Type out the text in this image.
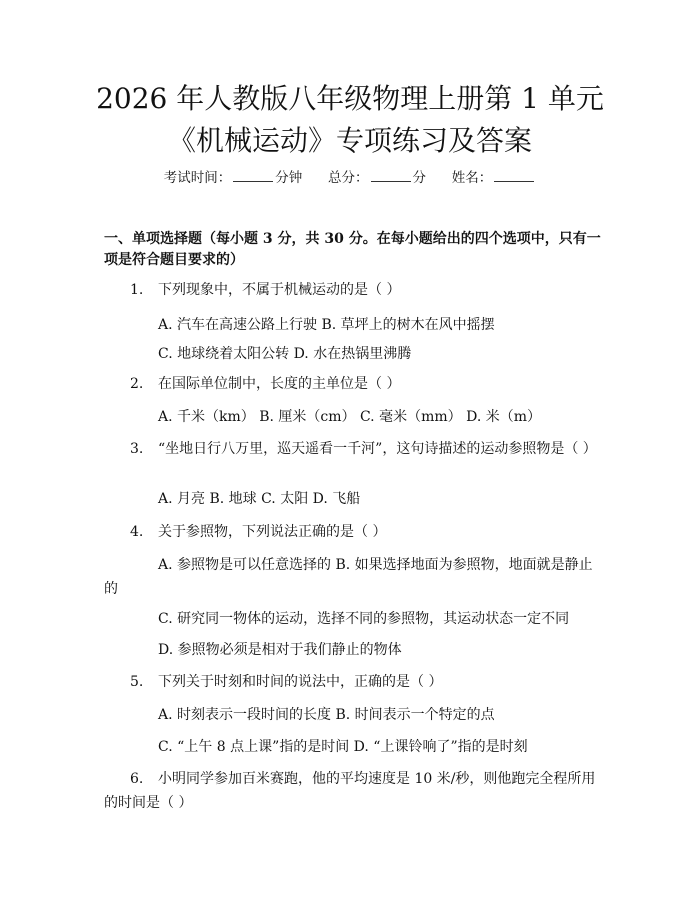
2026 年人教版八年级物理上册第 1 单元《机械运动》专项练习及答案
考试时间：	分钟 总分：	分 姓名：
一、单项选择题（每小题 3 分，共 30 分。在每小题给出的四个选项中，只有一项是符合题目要求的）

1. 下列现象中，不属于机械运动的是（ ）

A. 汽车在高速公路上行驶 B. 草坪上的树木在风中摇摆

C. 地球绕着太阳公转 D. 水在热锅里沸腾

2. 在国际单位制中，长度的主单位是（ ）

A. 千米（km） B. 厘米（cm） C. 毫米（mm） D. 米（m）

3. “坐地日行八万里，巡天遥看一千河”，这句诗描述的运动参照物是（ ）

A. 月亮 B. 地球 C. 太阳 D. 飞船

4. 关于参照物，下列说法正确的是（ ）

A. 参照物是可以任意选择的 B. 如果选择地面为参照物，地面就是静止的

C. 研究同一物体的运动，选择不同的参照物，其运动状态一定不同

D. 参照物必须是相对于我们静止的物体

5. 下列关于时刻和时间的说法中，正确的是（ ）

A. 时刻表示一段时间的长度 B. 时间表示一个特定的点

C. “上午 8 点上课”指的是时间 D. “上课铃响了”指的是时刻

6. 小明同学参加百米赛跑，他的平均速度是 10 米/秒，则他跑完全程所用的时间是（ ）
